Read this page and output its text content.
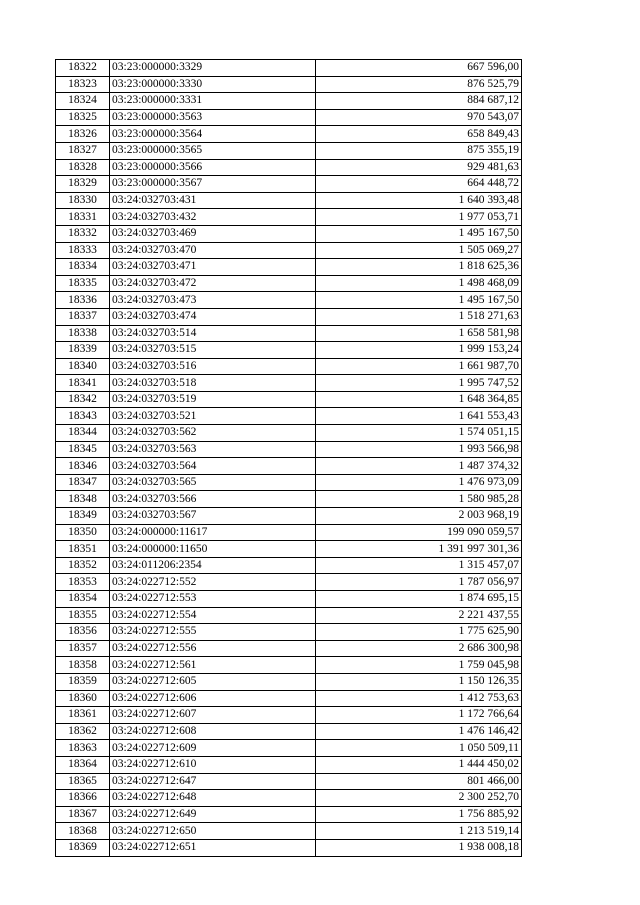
18322	03:23:000000:3329	667 596,00
18323	03:23:000000:3330	876 525,79
18324	03:23:000000:3331	884 687,12
18325	03:23:000000:3563	970 543,07
18326	03:23:000000:3564	658 849,43
18327	03:23:000000:3565	875 355,19
18328	03:23:000000:3566	929 481,63
18329	03:23:000000:3567	664 448,72
18330	03:24:032703:431	1 640 393,48
18331	03:24:032703:432	1 977 053,71
18332	03:24:032703:469	1 495 167,50
18333	03:24:032703:470	1 505 069,27
18334	03:24:032703:471	1 818 625,36
18335	03:24:032703:472	1 498 468,09
18336	03:24:032703:473	1 495 167,50
18337	03:24:032703:474	1 518 271,63
18338	03:24:032703:514	1 658 581,98
18339	03:24:032703:515	1 999 153,24
18340	03:24:032703:516	1 661 987,70
18341	03:24:032703:518	1 995 747,52
18342	03:24:032703:519	1 648 364,85
18343	03:24:032703:521	1 641 553,43
18344	03:24:032703:562	1 574 051,15
18345	03:24:032703:563	1 993 566,98
18346	03:24:032703:564	1 487 374,32
18347	03:24:032703:565	1 476 973,09
18348	03:24:032703:566	1 580 985,28
18349	03:24:032703:567	2 003 968,19
18350	03:24:000000:11617	199 090 059,57
18351	03:24:000000:11650	1 391 997 301,36
18352	03:24:011206:2354	1 315 457,07
18353	03:24:022712:552	1 787 056,97
18354	03:24:022712:553	1 874 695,15
18355	03:24:022712:554	2 221 437,55
18356	03:24:022712:555	1 775 625,90
18357	03:24:022712:556	2 686 300,98
18358	03:24:022712:561	1 759 045,98
18359	03:24:022712:605	1 150 126,35
18360	03:24:022712:606	1 412 753,63
18361	03:24:022712:607	1 172 766,64
18362	03:24:022712:608	1 476 146,42
18363	03:24:022712:609	1 050 509,11
18364	03:24:022712:610	1 444 450,02
18365	03:24:022712:647	801 466,00
18366	03:24:022712:648	2 300 252,70
18367	03:24:022712:649	1 756 885,92
18368	03:24:022712:650	1 213 519,14
18369	03:24:022712:651	1 938 008,18
